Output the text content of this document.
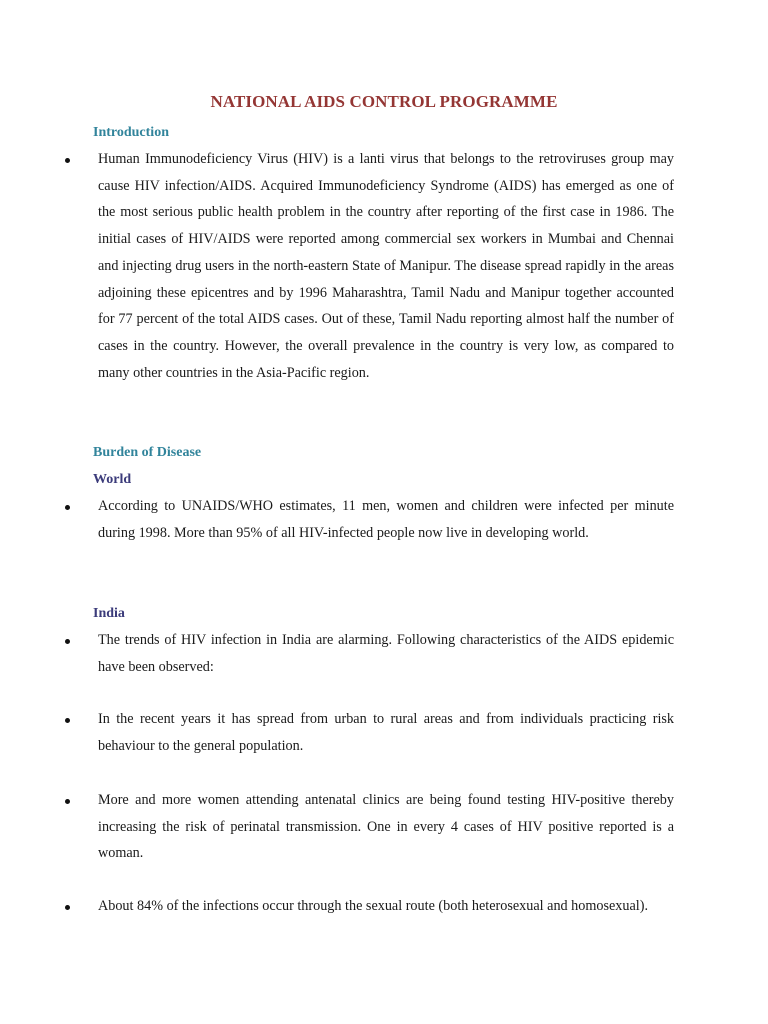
NATIONAL AIDS CONTROL PROGRAMME
Introduction
Human Immunodeficiency Virus (HIV) is a lanti virus that belongs to the retroviruses group may cause HIV infection/AIDS. Acquired Immunodeficiency Syndrome (AIDS) has emerged as one of the most serious public health problem in the country after reporting of the first case in 1986. The initial cases of HIV/AIDS were reported among commercial sex workers in Mumbai and Chennai and injecting drug users in the north-eastern State of Manipur. The disease spread rapidly in the areas adjoining these epicentres and by 1996 Maharashtra, Tamil Nadu and Manipur together accounted for 77 percent of the total AIDS cases. Out of these, Tamil Nadu reporting almost half the number of cases in the country. However, the overall prevalence in the country is very low, as compared to many other countries in the Asia-Pacific region.
Burden of Disease
World
According to UNAIDS/WHO estimates, 11 men, women and children were infected per minute during 1998. More than 95% of all HIV-infected people now live in developing world.
India
The trends of HIV infection in India are alarming. Following characteristics of the AIDS epidemic have been observed:
In the recent years it has spread from urban to rural areas and from individuals practicing risk behaviour to the general population.
More and more women attending antenatal clinics are being found testing HIV-positive thereby increasing the risk of perinatal transmission. One in every 4 cases of HIV positive reported is a woman.
About 84% of the infections occur through the sexual route (both heterosexual and homosexual).
